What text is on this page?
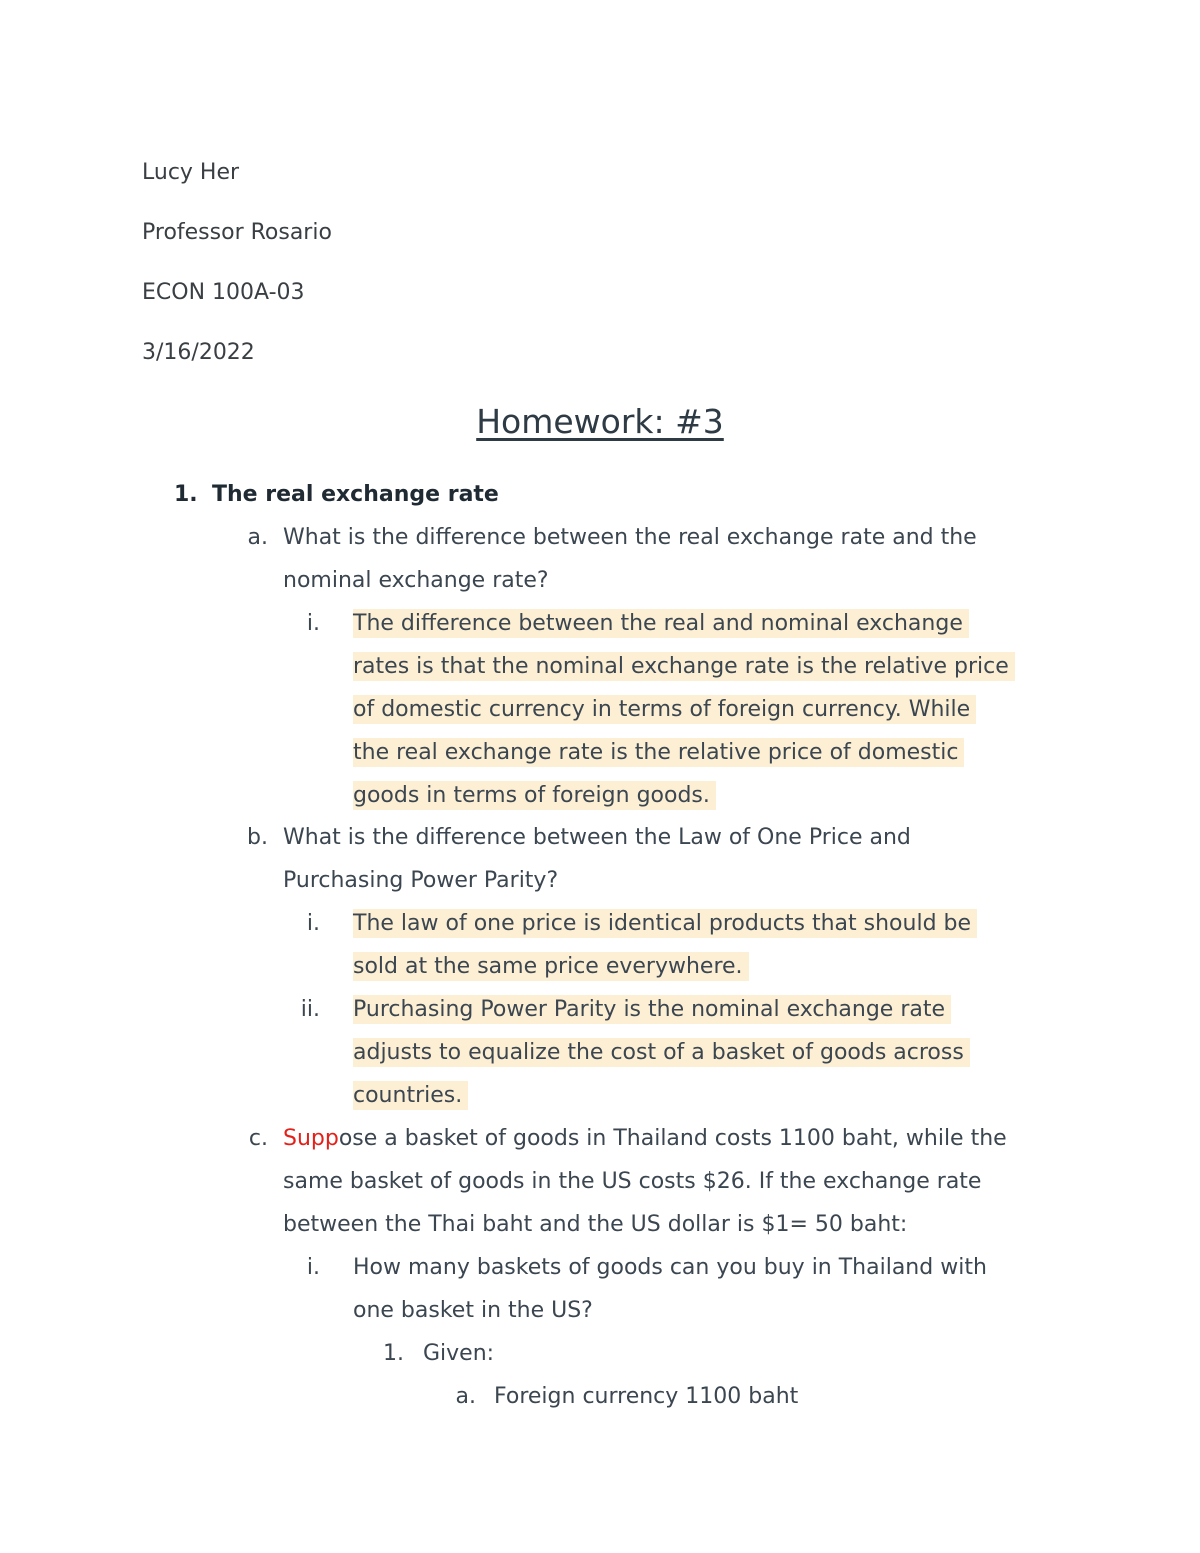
Lucy Her
Professor Rosario
ECON 100A-03
3/16/2022
Homework: #3
1. The real exchange rate
a. What is the difference between the real exchange rate and the
nominal exchange rate?
i. The difference between the real and nominal exchange
rates is that the nominal exchange rate is the relative price
of domestic currency in terms of foreign currency. While
the real exchange rate is the relative price of domestic
goods in terms of foreign goods.
b. What is the difference between the Law of One Price and
Purchasing Power Parity?
i. The law of one price is identical products that should be
sold at the same price everywhere.
ii. Purchasing Power Parity is the nominal exchange rate
adjusts to equalize the cost of a basket of goods across
countries.
c. Suppose a basket of goods in Thailand costs 1100 baht, while the
same basket of goods in the US costs $26. If the exchange rate
between the Thai baht and the US dollar is $1= 50 baht:
i. How many baskets of goods can you buy in Thailand with
one basket in the US?
1. Given:
a. Foreign currency 1100 baht
